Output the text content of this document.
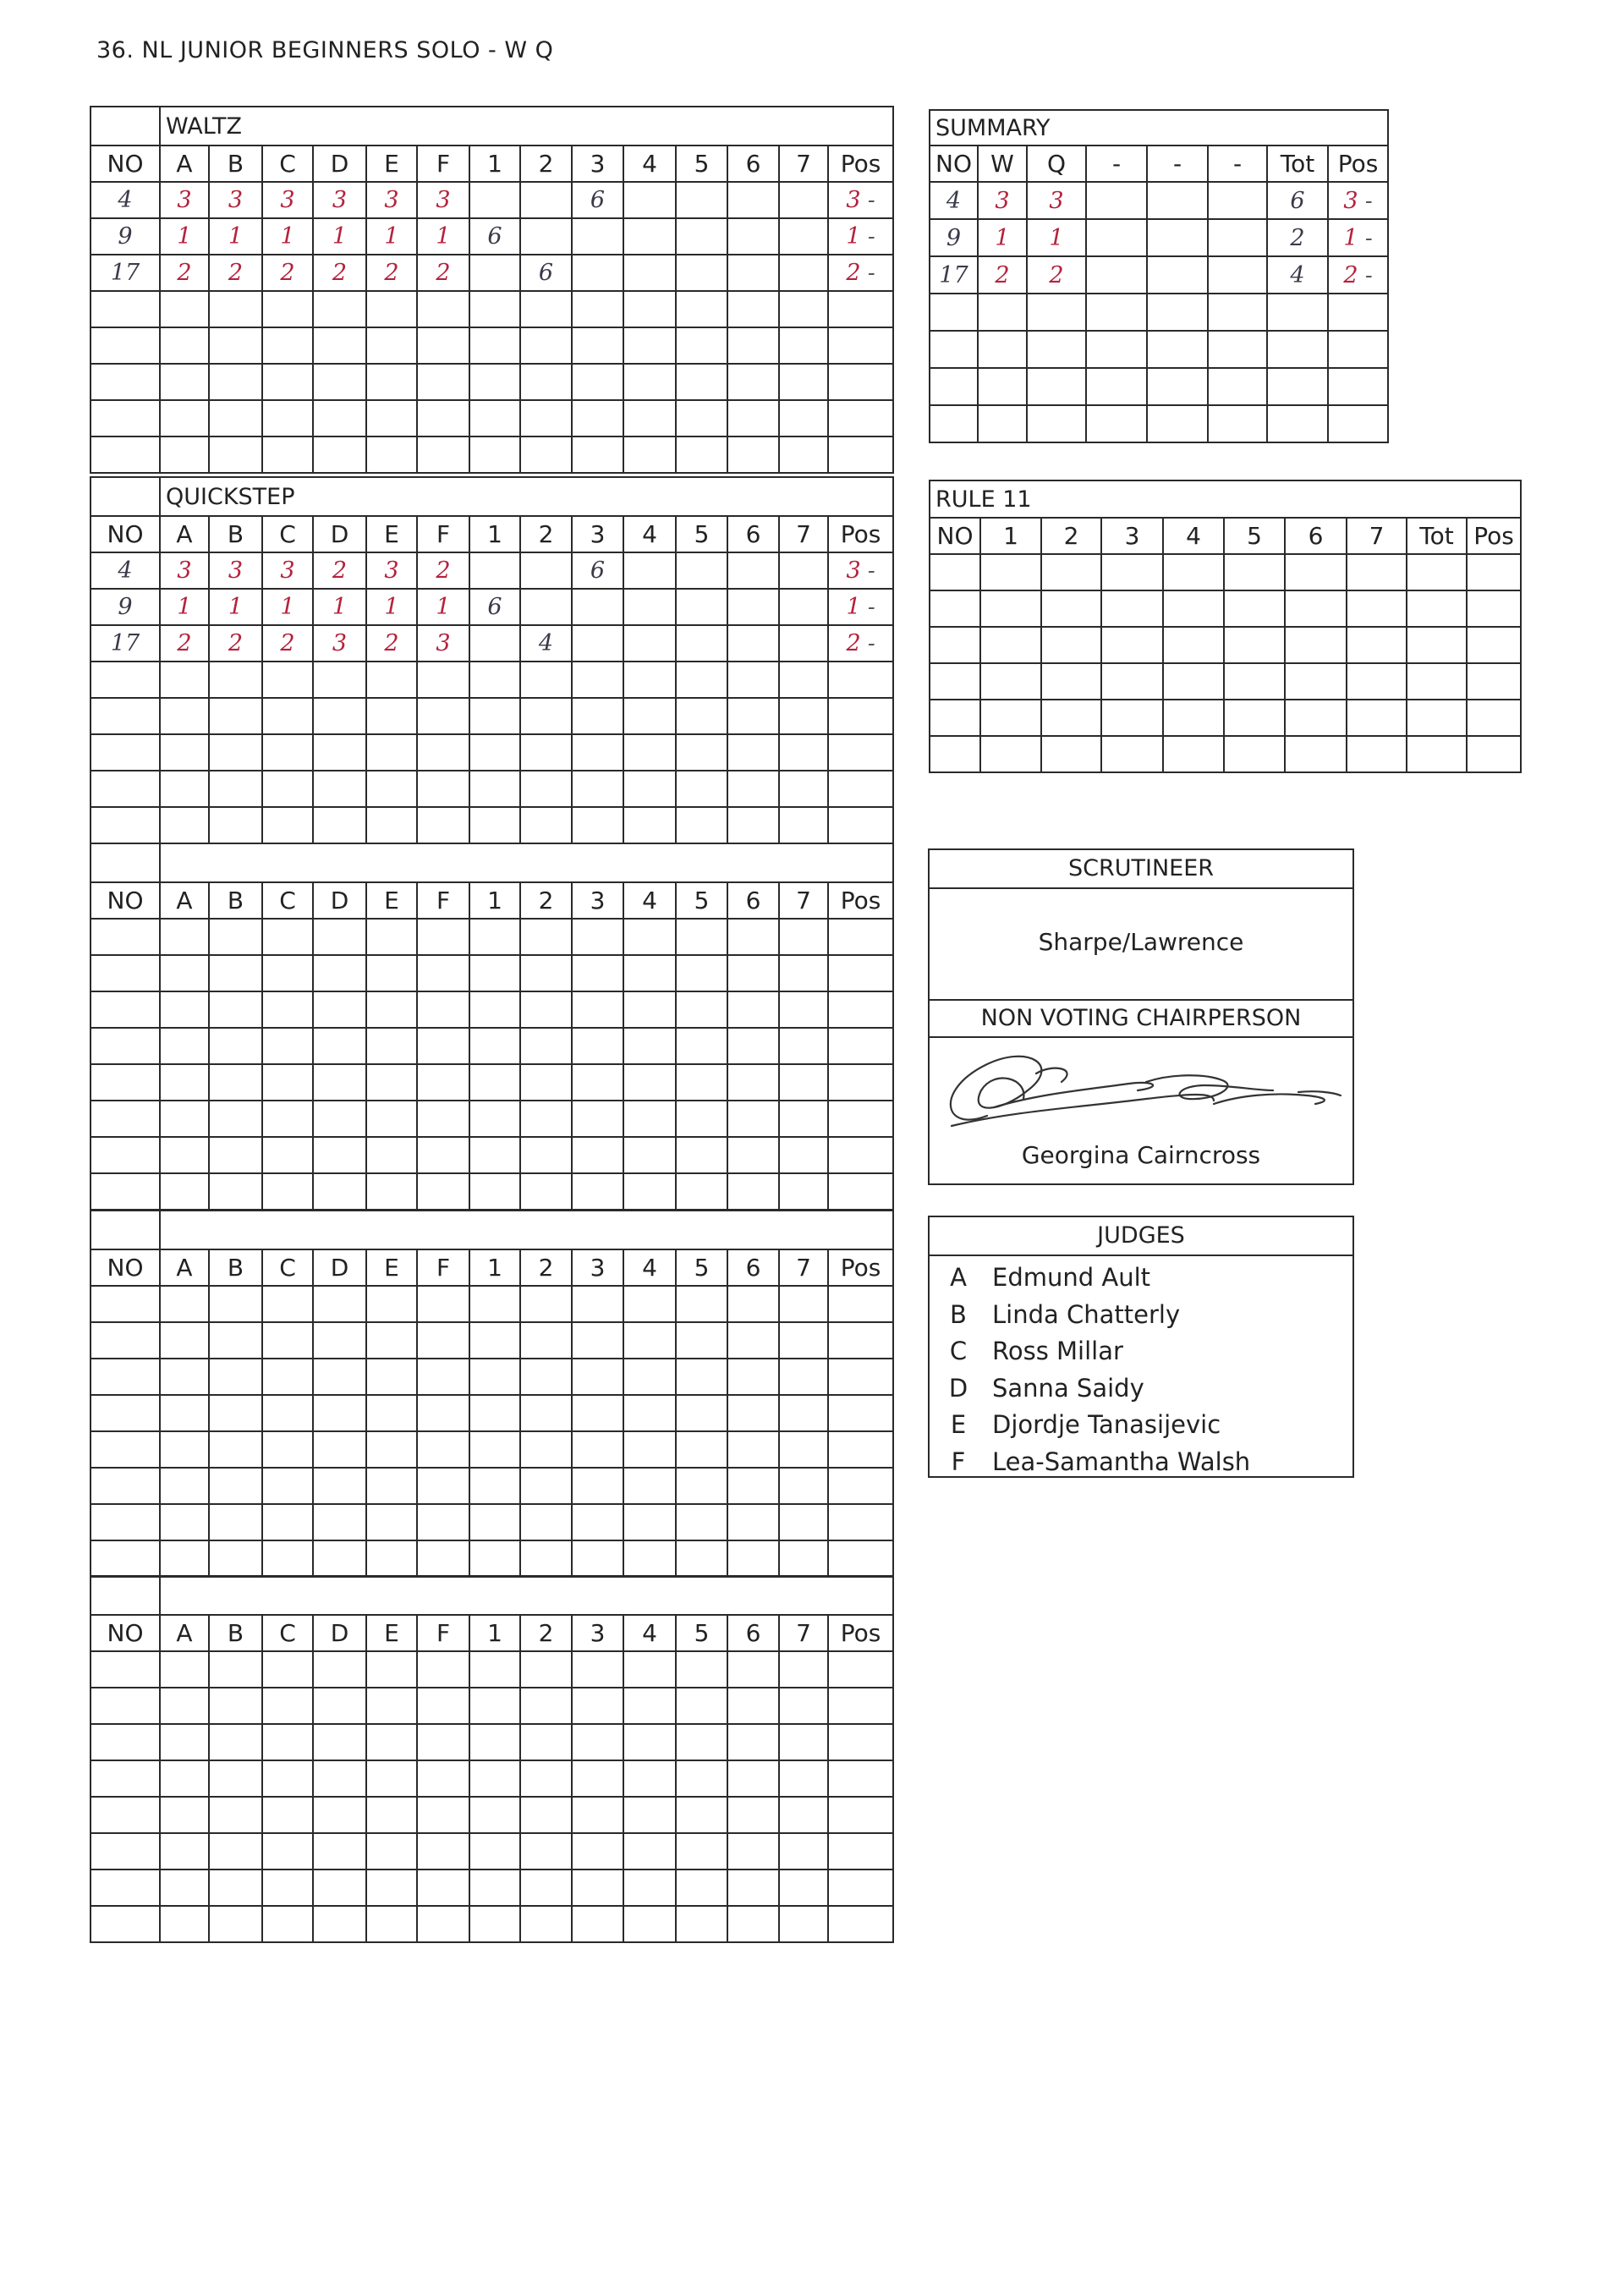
36. NL JUNIOR BEGINNERS SOLO - W Q
	WALTZ													
NO	A	B	C	D	E	F	1	2	3	4	5	6	7	Pos
4	3	3	3	3	3	3			6					3 -
9	1	1	1	1	1	1	6							1 -
17	2	2	2	2	2	2		6						2 -

	QUICKSTEP													
NO	A	B	C	D	E	F	1	2	3	4	5	6	7	Pos
4	3	3	3	2	3	2			6					3 -
9	1	1	1	1	1	1	6							1 -
17	2	2	2	3	2	3		4						2 -

NO	A	B	C	D	E	F	1	2	3	4	5	6	7	Pos

NO	A	B	C	D	E	F	1	2	3	4	5	6	7	Pos

NO	A	B	C	D	E	F	1	2	3	4	5	6	7	Pos

SUMMARY							
NO	W	Q	-	-	-	Tot	Pos
4	3	3				6	3 -
9	1	1				2	1 -
17	2	2				4	2 -

RULE 11									
NO	1	2	3	4	5	6	7	Tot	Pos

SCRUTINEER
Sharpe/Lawrence
NON VOTING CHAIRPERSON
Georgina Cairncross
JUDGES
A Edmund Ault
B Linda Chatterly
C Ross Millar
D Sanna Saidy
E Djordje Tanasijevic
F Lea-Samantha Walsh
